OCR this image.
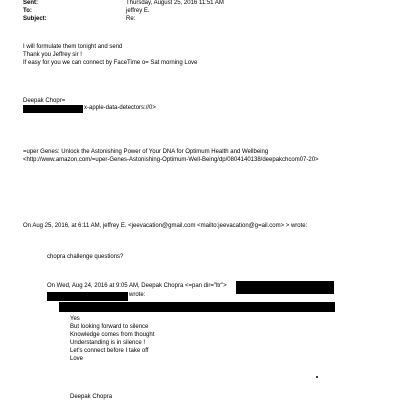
Sent:	Thursday, August 25, 2016 11:51 AM
To:	jeffrey E.
Subject:	Re:
I will formulate them tonight and send
Thank you Jeffrey sir !
If easy for you we can connect by FaceTime o= Sat morning Love
Deepak Chopr=
x-apple-data-detectors://0>
=uper Genes: Unlock the Astonishing Power of Your DNA for Optimum Health and Wellbeing
<http://www.amazon.com/=uper-Genes-Astonishing-Optimum-Well-Being/dp/0804140138/deepakchcom07-20>
On Aug 25, 2016, at 6:11 AM, jeffrey E. <jeevacation@gmail.com <mailto:jeevacation@g=ail.com> > wrote:
chopra challenge questions?
On Wed, Aug 24, 2016 at 9:05 AM, Deepak Chopra <=pan dir="ltr">
wrote:
Yes
But looking forward to silence
Knowledge comes from thought
Understanding is in silence !
Let's connect before I take off
Love
Deepak Chopra
